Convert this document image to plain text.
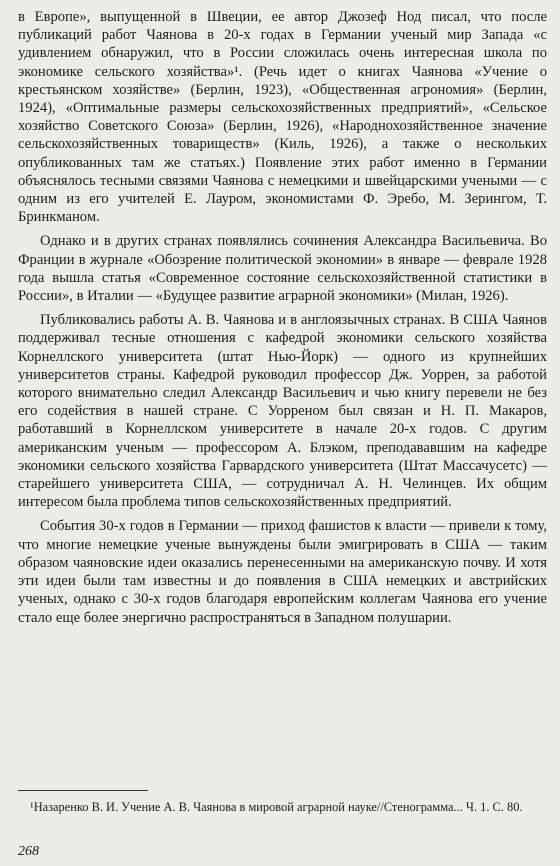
в Европе», выпущенной в Швеции, ее автор Джозеф Нод писал, что после публикаций работ Чаянова в 20-х годах в Германии ученый мир Запада «с удивлением обнаружил, что в России сложилась очень интересная школа по экономике сельского хозяйства»¹. (Речь идет о книгах Чаянова «Учение о крестьянском хозяйстве» (Берлин, 1923), «Общественная агрономия» (Берлин, 1924), «Оптимальные размеры сельскохозяйственных предприятий», «Сельское хозяйство Советского Союза» (Берлин, 1926), «Народнохозяйственное значение сельскохозяйственных товариществ» (Киль, 1926), а также о нескольких опубликованных там же статьях.) Появление этих работ именно в Германии объяснялось тесными связями Чаянова с немецкими и швейцарскими учеными — с одним из его учителей Е. Лауром, экономистами Ф. Эребо, М. Зерингом, Т. Бринкманом.

Однако и в других странах появлялись сочинения Александра Васильевича. Во Франции в журнале «Обозрение политической экономии» в январе — феврале 1928 года вышла статья «Современное состояние сельскохозяйственной статистики в России», в Италии — «Будущее развитие аграрной экономики» (Милан, 1926).

Публиковались работы А. В. Чаянова и в англоязычных странах. В США Чаянов поддерживал тесные отношения с кафедрой экономики сельского хозяйства Корнеллского университета (штат Нью-Йорк) — одного из крупнейших университетов страны. Кафедрой руководил профессор Дж. Уоррен, за работой которого внимательно следил Александр Васильевич и чью книгу перевели не без его содействия в нашей стране. С Уорреном был связан и Н. П. Макаров, работавший в Корнеллском университете в начале 20-х годов. С другим американским ученым — профессором А. Блэком, преподававшим на кафедре экономики сельского хозяйства Гарвардского университета (Штат Массачусетс) — старейшего университета США, — сотрудничал А. Н. Челинцев. Их общим интересом была проблема типов сельскохозяйственных предприятий.

События 30-х годов в Германии — приход фашистов к власти — привели к тому, что многие немецкие ученые вынуждены были эмигрировать в США — таким образом чаяновские идеи оказались перенесенными на американскую почву. И хотя эти идеи были там известны и до появления в США немецких и австрийских ученых, однако с 30-х годов благодаря европейским коллегам Чаянова его учение стало еще более энергично распространяться в Западном полушарии.

¹Назаренко В. И. Учение А. В. Чаянова в мировой аграрной науке//Стенограмма... Ч. 1. С. 80.
268
